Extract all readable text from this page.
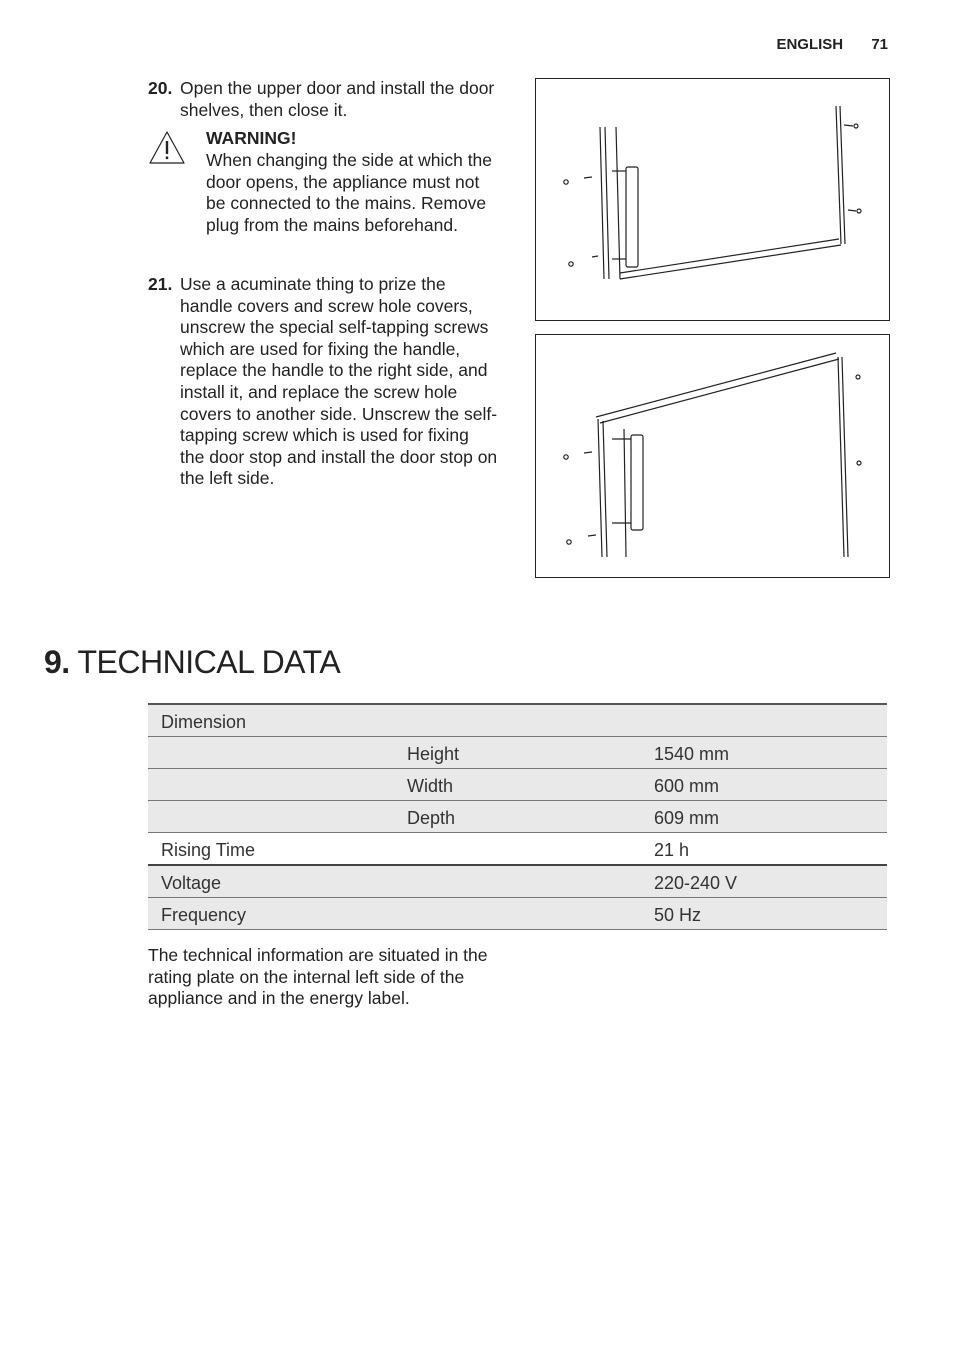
ENGLISH 71
20. Open the upper door and install the door shelves, then close it.
WARNING!
When changing the side at which the door opens, the appliance must not be connected to the mains. Remove plug from the mains beforehand.
21. Use a acuminate thing to prize the handle covers and screw hole covers, unscrew the special self-tapping screws which are used for fixing the handle, replace the handle to the right side, and install it, and replace the screw hole covers to another side. Unscrew the self-tapping screw which is used for fixing the door stop and install the door stop on the left side.
9. TECHNICAL DATA
Dimension
Height	1540 mm
Width	600 mm
Depth	609 mm
Rising Time	21 h
Voltage	220-240 V
Frequency	50 Hz
The technical information are situated in the rating plate on the internal left side of the appliance and in the energy label.
